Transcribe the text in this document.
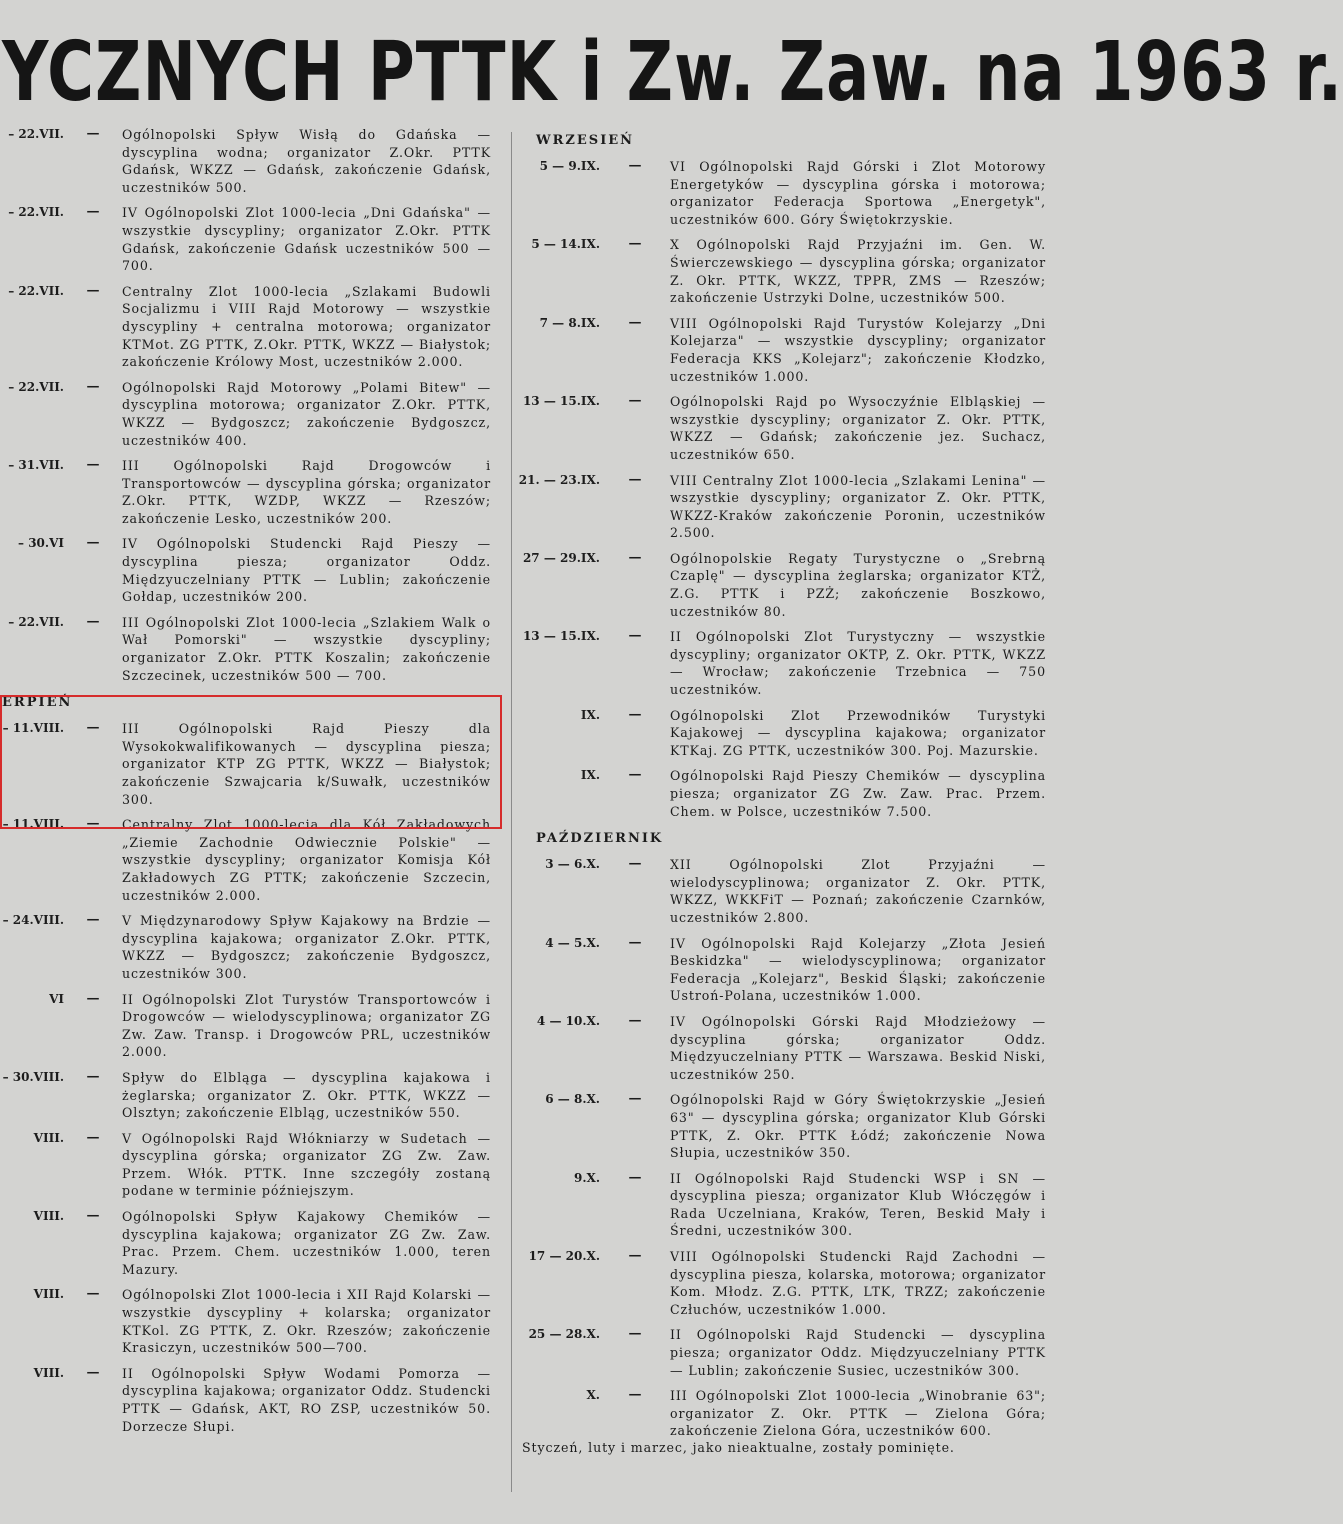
YCZNYCH PTTK i Zw. Zaw. na 1963 r.
– 22.VII.	—	Ogólnopolski Spływ Wisłą do Gdańska — dyscyplina wodna; organizator Z.Okr. PTTK Gdańsk, WKZZ — Gdańsk, zakończenie Gdańsk, uczestników 500.
– 22.VII.	—	IV Ogólnopolski Zlot 1000-lecia „Dni Gdańska" — wszystkie dyscypliny; organizator Z.Okr. PTTK Gdańsk, zakończenie Gdańsk uczestników 500 — 700.
– 22.VII.	—	Centralny Zlot 1000-lecia „Szlakami Budowli Socjalizmu i VIII Rajd Motorowy — wszystkie dyscypliny + centralna motorowa; organizator KTMot. ZG PTTK, Z.Okr. PTTK, WKZZ — Białystok; zakończenie Królowy Most, uczestników 2.000.
– 22.VII.	—	Ogólnopolski Rajd Motorowy „Polami Bitew" — dyscyplina motorowa; organizator Z.Okr. PTTK, WKZZ — Bydgoszcz; zakończenie Bydgoszcz, uczestników 400.
– 31.VII.	—	III Ogólnopolski Rajd Drogowców i Transportowców — dyscyplina górska; organizator Z.Okr. PTTK, WZDP, WKZZ — Rzeszów; zakończenie Lesko, uczestników 200.
– 30.VI	—	IV Ogólnopolski Studencki Rajd Pieszy — dyscyplina piesza; organizator Oddz. Międzyuczelniany PTTK — Lublin; zakończenie Gołdap, uczestników 200.
– 22.VII.	—	III Ogólnopolski Zlot 1000-lecia „Szlakiem Walk o Wał Pomorski" — wszystkie dyscypliny; organizator Z.Okr. PTTK Koszalin; zakończenie Szczecinek, uczestników 500 — 700.
ERPIEŃ
– 11.VIII.	—	III Ogólnopolski Rajd Pieszy dla Wysokokwalifikowanych — dyscyplina piesza; organizator KTP ZG PTTK, WKZZ — Białystok; zakończenie Szwajcaria k/Suwałk, uczestników 300.
– 11.VIII.	—	Centralny Zlot 1000-lecia dla Kół Zakładowych „Ziemie Zachodnie Odwiecznie Polskie" — wszystkie dyscypliny; organizator Komisja Kół Zakładowych ZG PTTK; zakończenie Szczecin, uczestników 2.000.
– 24.VIII.	—	V Międzynarodowy Spływ Kajakowy na Brdzie — dyscyplina kajakowa; organizator Z.Okr. PTTK, WKZZ — Bydgoszcz; zakończenie Bydgoszcz, uczestników 300.
VI	—	II Ogólnopolski Zlot Turystów Transportowców i Drogowców — wielodyscyplinowa; organizator ZG Zw. Zaw. Transp. i Drogowców PRL, uczestników 2.000.
– 30.VIII.	—	Spływ do Elbląga — dyscyplina kajakowa i żeglarska; organizator Z. Okr. PTTK, WKZZ — Olsztyn; zakończenie Elbląg, uczestników 550.
VIII.	—	V Ogólnopolski Rajd Włókniarzy w Sudetach — dyscyplina górska; organizator ZG Zw. Zaw. Przem. Włók. PTTK. Inne szczegóły zostaną podane w terminie późniejszym.
VIII.	—	Ogólnopolski Spływ Kajakowy Chemików — dyscyplina kajakowa; organizator ZG Zw. Zaw. Prac. Przem. Chem. uczestników 1.000, teren Mazury.
VIII.	—	Ogólnopolski Zlot 1000-lecia i XII Rajd Kolarski — wszystkie dyscypliny + kolarska; organizator KTKol. ZG PTTK, Z. Okr. Rzeszów; zakończenie Krasiczyn, uczestników 500—700.
VIII.	—	II Ogólnopolski Spływ Wodami Pomorza — dyscyplina kajakowa; organizator Oddz. Studencki PTTK — Gdańsk, AKT, RO ZSP, uczestników 50. Dorzecze Słupi.
WRZESIEŃ
5 — 9.IX.	—	VI Ogólnopolski Rajd Górski i Zlot Motorowy Energetyków — dyscyplina górska i motorowa; organizator Federacja Sportowa „Energetyk", uczestników 600. Góry Świętokrzyskie.
5 — 14.IX.	—	X Ogólnopolski Rajd Przyjaźni im. Gen. W. Świerczewskiego — dyscyplina górska; organizator Z. Okr. PTTK, WKZZ, TPPR, ZMS — Rzeszów; zakończenie Ustrzyki Dolne, uczestników 500.
7 — 8.IX.	—	VIII Ogólnopolski Rajd Turystów Kolejarzy „Dni Kolejarza" — wszystkie dyscypliny; organizator Federacja KKS „Kolejarz"; zakończenie Kłodzko, uczestników 1.000.
13 — 15.IX.	—	Ogólnopolski Rajd po Wysoczyźnie Elbląskiej — wszystkie dyscypliny; organizator Z. Okr. PTTK, WKZZ — Gdańsk; zakończenie jez. Suchacz, uczestników 650.
21. — 23.IX.	—	VIII Centralny Zlot 1000-lecia „Szlakami Lenina" — wszystkie dyscypliny; organizator Z. Okr. PTTK, WKZZ-Kraków zakończenie Poronin, uczestników 2.500.
27 — 29.IX.	—	Ogólnopolskie Regaty Turystyczne o „Srebrną Czaplę" — dyscyplina żeglarska; organizator KTŻ, Z.G. PTTK i PZŻ; zakończenie Boszkowo, uczestników 80.
13 — 15.IX.	—	II Ogólnopolski Zlot Turystyczny — wszystkie dyscypliny; organizator OKTP, Z. Okr. PTTK, WKZZ — Wrocław; zakończenie Trzebnica — 750 uczestników.
IX.	—	Ogólnopolski Zlot Przewodników Turystyki Kajakowej — dyscyplina kajakowa; organizator KTKaj. ZG PTTK, uczestników 300. Poj. Mazurskie.
IX.	—	Ogólnopolski Rajd Pieszy Chemików — dyscyplina piesza; organizator ZG Zw. Zaw. Prac. Przem. Chem. w Polsce, uczestników 7.500.
PAŹDZIERNIK
3 — 6.X.	—	XII Ogólnopolski Zlot Przyjaźni — wielodyscyplinowa; organizator Z. Okr. PTTK, WKZZ, WKKFiT — Poznań; zakończenie Czarnków, uczestników 2.800.
4 — 5.X.	—	IV Ogólnopolski Rajd Kolejarzy „Złota Jesień Beskidzka" — wielodyscyplinowa; organizator Federacja „Kolejarz", Beskid Śląski; zakończenie Ustroń-Polana, uczestników 1.000.
4 — 10.X.	—	IV Ogólnopolski Górski Rajd Młodzieżowy — dyscyplina górska; organizator Oddz. Międzyuczelniany PTTK — Warszawa. Beskid Niski, uczestników 250.
6 — 8.X.	—	Ogólnopolski Rajd w Góry Świętokrzyskie „Jesień 63" — dyscyplina górska; organizator Klub Górski PTTK, Z. Okr. PTTK Łódź; zakończenie Nowa Słupia, uczestników 350.
9.X.	—	II Ogólnopolski Rajd Studencki WSP i SN — dyscyplina piesza; organizator Klub Włóczęgów i Rada Uczelniana, Kraków, Teren, Beskid Mały i Średni, uczestników 300.
17 — 20.X.	—	VIII Ogólnopolski Studencki Rajd Zachodni — dyscyplina piesza, kolarska, motorowa; organizator Kom. Młodz. Z.G. PTTK, LTK, TRZZ; zakończenie Człuchów, uczestników 1.000.
25 — 28.X.	—	II Ogólnopolski Rajd Studencki — dyscyplina piesza; organizator Oddz. Międzyuczelniany PTTK — Lublin; zakończenie Susiec, uczestników 300.
X.	—	III Ogólnopolski Zlot 1000-lecia „Winobranie 63"; organizator Z. Okr. PTTK — Zielona Góra; zakończenie Zielona Góra, uczestników 600.
Styczeń, luty i marzec, jako nieaktualne, zostały pominięte.
